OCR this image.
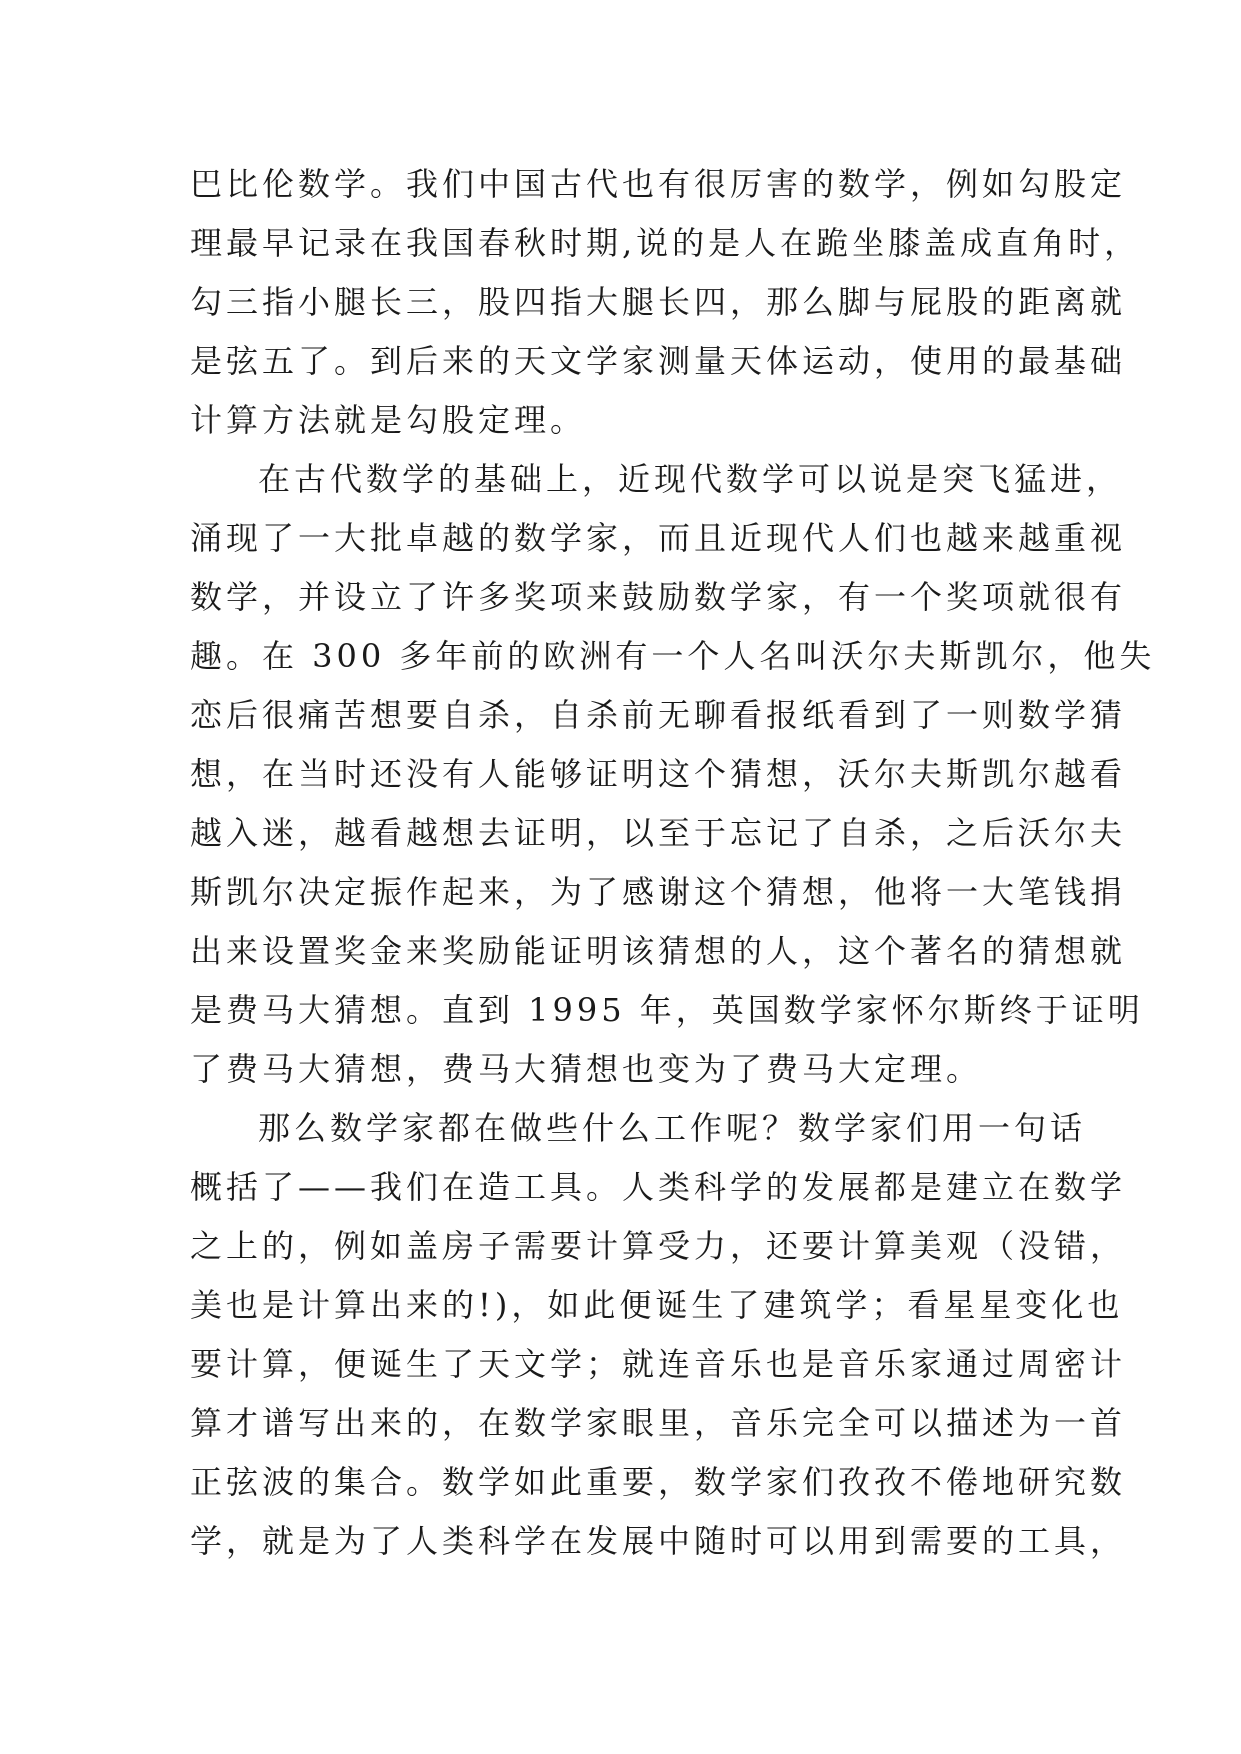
巴比伦数学。我们中国古代也有很厉害的数学，例如勾股定
理最早记录在我国春秋时期,说的是人在跪坐膝盖成直角时，
勾三指小腿长三，股四指大腿长四，那么脚与屁股的距离就
是弦五了。到后来的天文学家测量天体运动，使用的最基础
计算方法就是勾股定理。
在古代数学的基础上，近现代数学可以说是突飞猛进，
涌现了一大批卓越的数学家，而且近现代人们也越来越重视
数学，并设立了许多奖项来鼓励数学家，有一个奖项就很有
趣。在 300 多年前的欧洲有一个人名叫沃尔夫斯凯尔，他失
恋后很痛苦想要自杀，自杀前无聊看报纸看到了一则数学猜
想，在当时还没有人能够证明这个猜想，沃尔夫斯凯尔越看
越入迷，越看越想去证明，以至于忘记了自杀，之后沃尔夫
斯凯尔决定振作起来，为了感谢这个猜想，他将一大笔钱捐
出来设置奖金来奖励能证明该猜想的人，这个著名的猜想就
是费马大猜想。直到 1995 年，英国数学家怀尔斯终于证明
了费马大猜想，费马大猜想也变为了费马大定理。
那么数学家都在做些什么工作呢？数学家们用一句话
概括了——我们在造工具。人类科学的发展都是建立在数学
之上的，例如盖房子需要计算受力，还要计算美观（没错，
美也是计算出来的!)，如此便诞生了建筑学；看星星变化也
要计算，便诞生了天文学；就连音乐也是音乐家通过周密计
算才谱写出来的，在数学家眼里，音乐完全可以描述为一首
正弦波的集合。数学如此重要，数学家们孜孜不倦地研究数
学，就是为了人类科学在发展中随时可以用到需要的工具，
